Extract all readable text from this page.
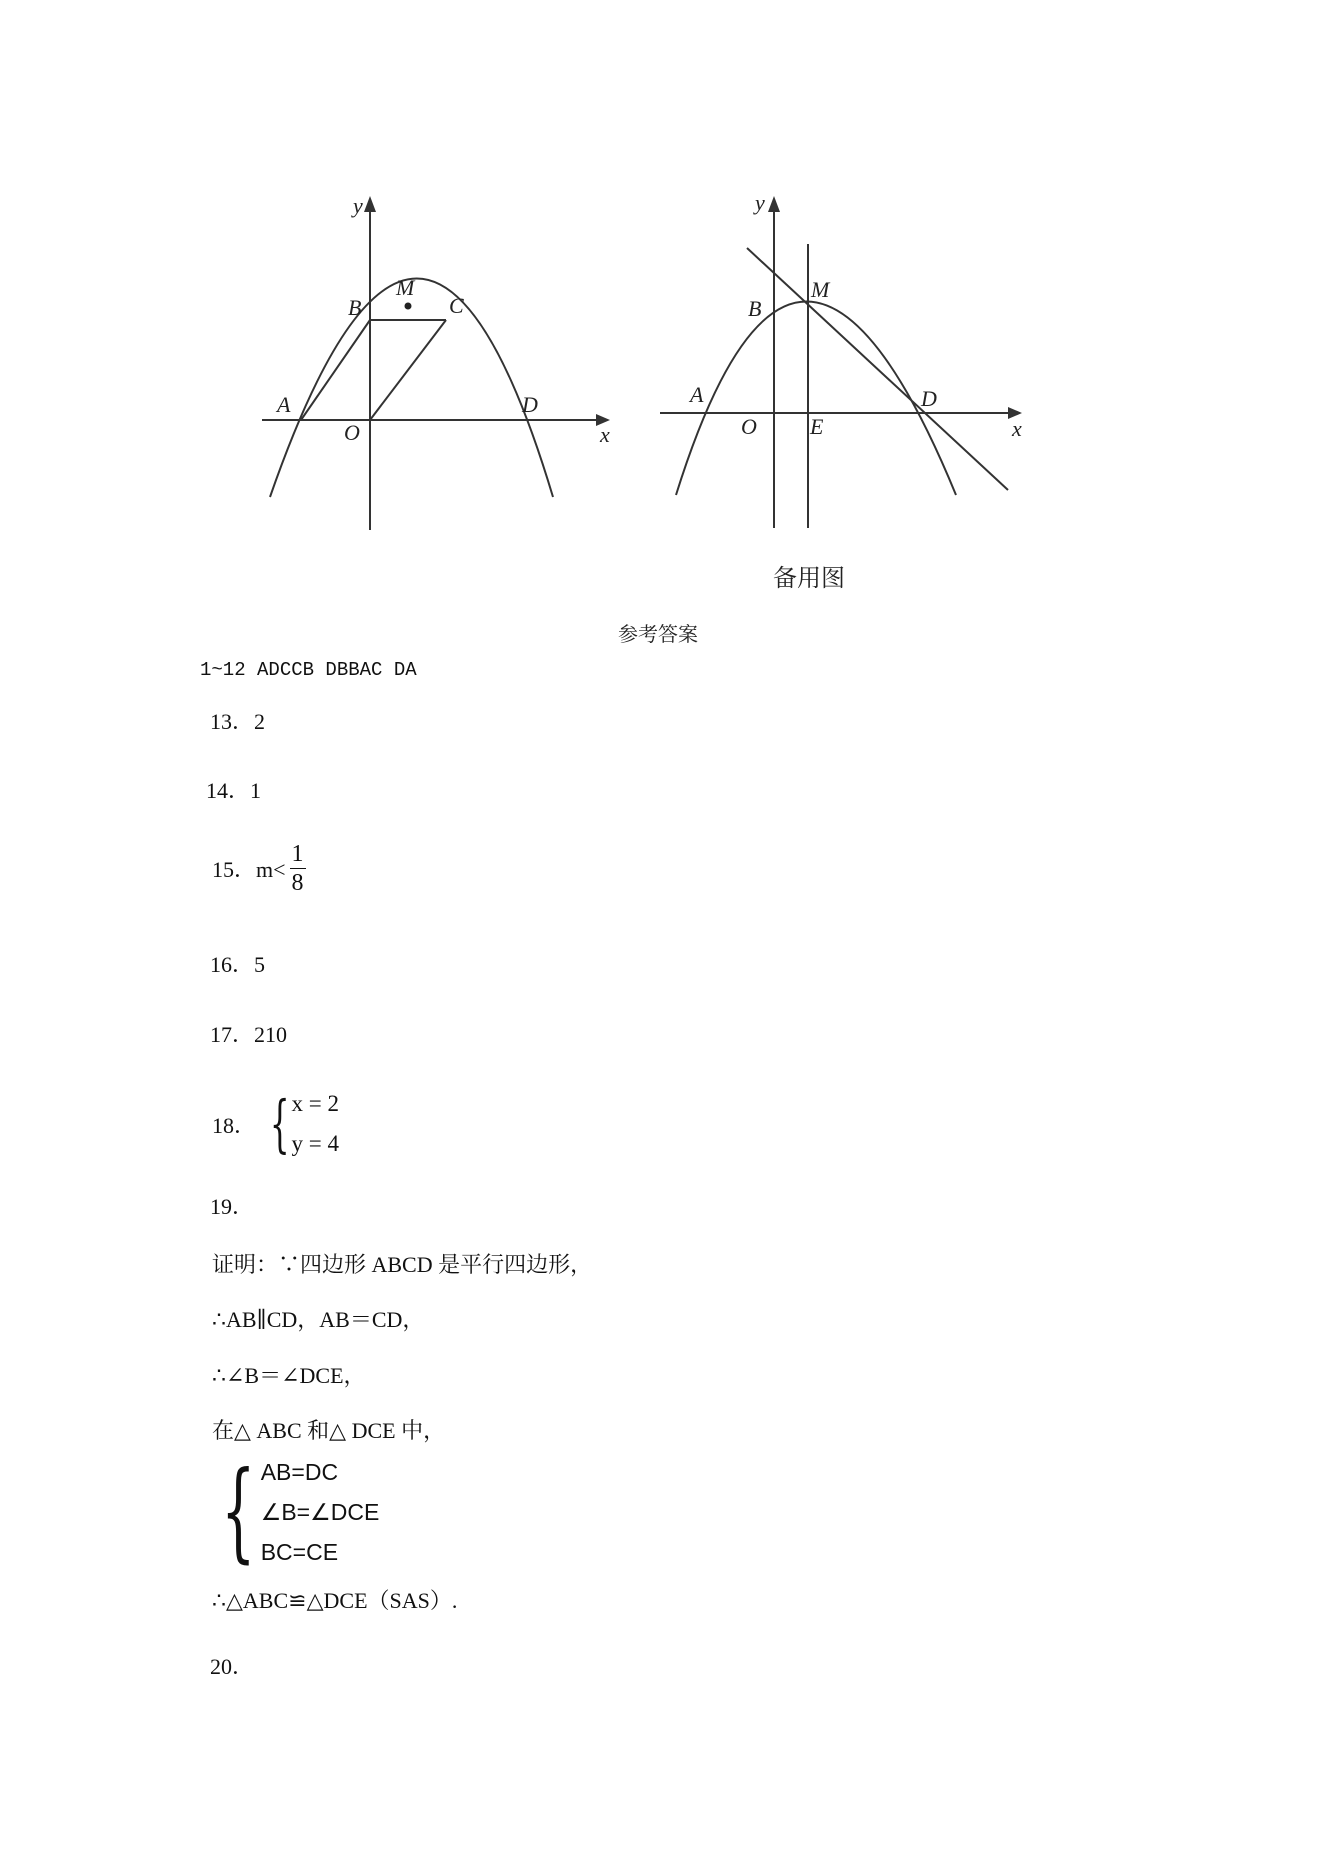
y
x
O
A
B	C
D
M
y
x
O
A
B
E
M
D
备用图
参考答案
1~12 ADCCB DBBAC DA
13．2
14．1
15．$m< \frac{1}{8}$
16．5
17．210
18． { x = 2
y = 4
19．
证明：∵四边形 ABCD 是平行四边形，
∴AB∥CD，AB＝CD，
∴∠B＝∠DCE，
在△ ABC 和△ DCE 中，
{ AB=DC
∠B=∠DCE
BC=CE
∴△ABC≌△DCE（SAS）.
20．
